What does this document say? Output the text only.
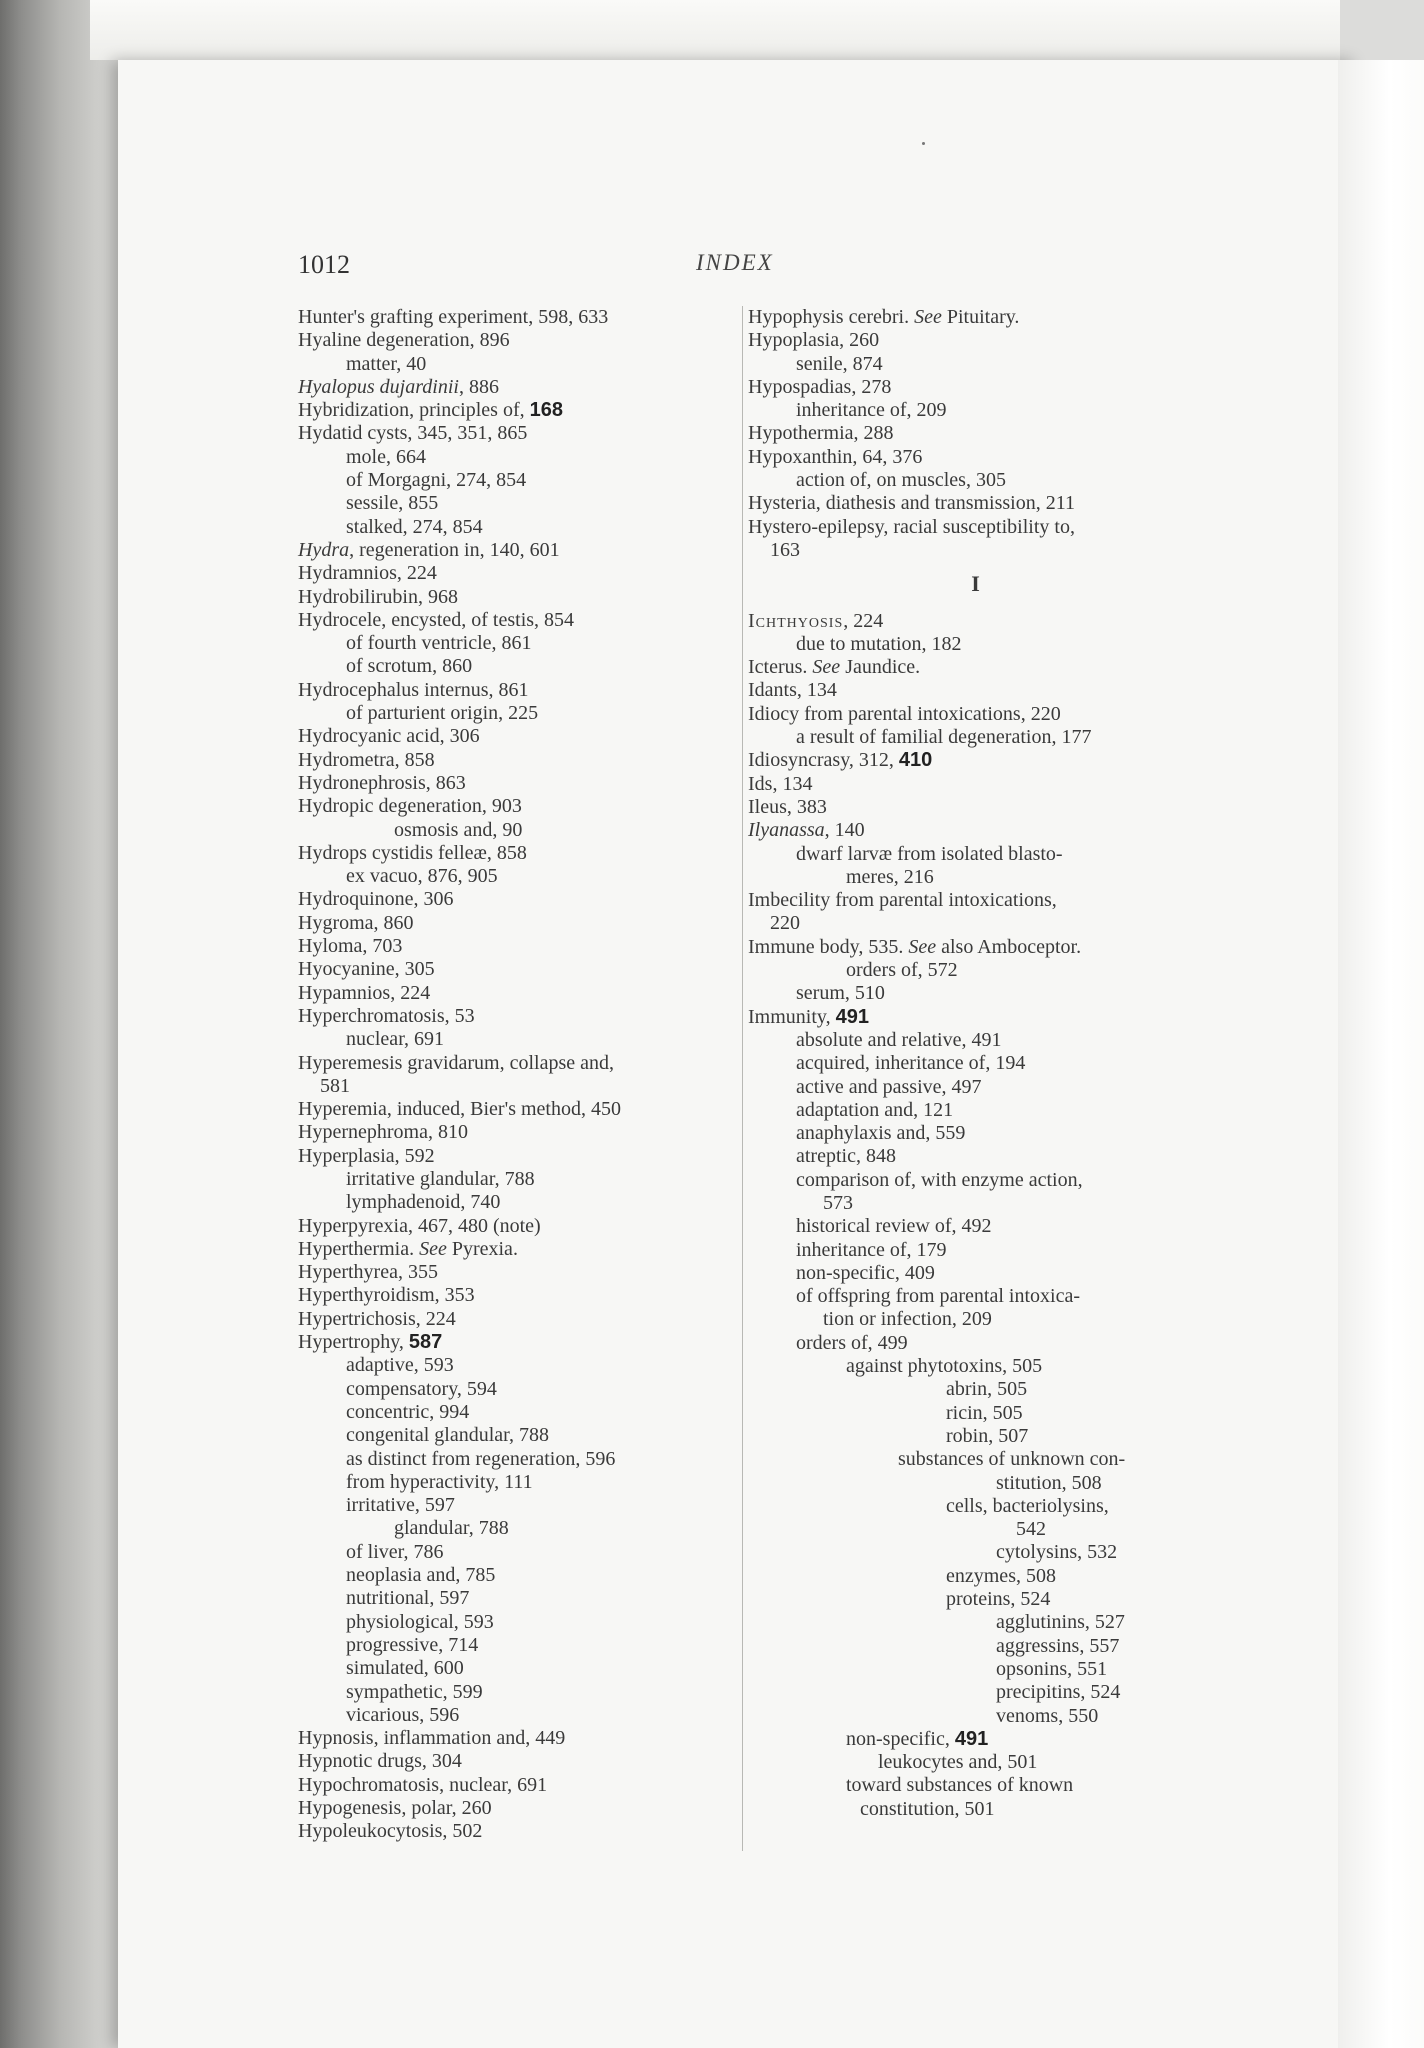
1012	INDEX
Hunter's grafting experiment, 598, 633
Hyaline degeneration, 896
matter, 40
Hyalopus dujardinii, 886
Hybridization, principles of, 168
Hydatid cysts, 345, 351, 865
mole, 664
of Morgagni, 274, 854
sessile, 855
stalked, 274, 854
Hydra, regeneration in, 140, 601
Hydramnios, 224
Hydrobilirubin, 968
Hydrocele, encysted, of testis, 854
of fourth ventricle, 861
of scrotum, 860
Hydrocephalus internus, 861
of parturient origin, 225
Hydrocyanic acid, 306
Hydrometra, 858
Hydronephrosis, 863
Hydropic degeneration, 903
osmosis and, 90
Hydrops cystidis felleæ, 858
ex vacuo, 876, 905
Hydroquinone, 306
Hygroma, 860
Hyloma, 703
Hyocyanine, 305
Hypamnios, 224
Hyperchromatosis, 53
nuclear, 691
Hyperemesis gravidarum, collapse and,
581
Hyperemia, induced, Bier's method, 450
Hypernephroma, 810
Hyperplasia, 592
irritative glandular, 788
lymphadenoid, 740
Hyperpyrexia, 467, 480 (note)
Hyperthermia. See Pyrexia.
Hyperthyrea, 355
Hyperthyroidism, 353
Hypertrichosis, 224
Hypertrophy, 587
adaptive, 593
compensatory, 594
concentric, 994
congenital glandular, 788
as distinct from regeneration, 596
from hyperactivity, 111
irritative, 597
glandular, 788
of liver, 786
neoplasia and, 785
nutritional, 597
physiological, 593
progressive, 714
simulated, 600
sympathetic, 599
vicarious, 596
Hypnosis, inflammation and, 449
Hypnotic drugs, 304
Hypochromatosis, nuclear, 691
Hypogenesis, polar, 260
Hypoleukocytosis, 502
Hypophysis cerebri. See Pituitary.
Hypoplasia, 260
senile, 874
Hypospadias, 278
inheritance of, 209
Hypothermia, 288
Hypoxanthin, 64, 376
action of, on muscles, 305
Hysteria, diathesis and transmission, 211
Hystero-epilepsy, racial susceptibility to,
163
I
Ichthyosis, 224
due to mutation, 182
Icterus. See Jaundice.
Idants, 134
Idiocy from parental intoxications, 220
a result of familial degeneration, 177
Idiosyncrasy, 312, 410
Ids, 134
Ileus, 383
Ilyanassa, 140
dwarf larvæ from isolated blasto-
meres, 216
Imbecility from parental intoxications,
220
Immune body, 535. See also Amboceptor.
orders of, 572
serum, 510
Immunity, 491
absolute and relative, 491
acquired, inheritance of, 194
active and passive, 497
adaptation and, 121
anaphylaxis and, 559
atreptic, 848
comparison of, with enzyme action,
573
historical review of, 492
inheritance of, 179
non-specific, 409
of offspring from parental intoxica-
tion or infection, 209
orders of, 499
against phytotoxins, 505
abrin, 505
ricin, 505
robin, 507
substances of unknown con-
stitution, 508
cells, bacteriolysins,
542
cytolysins, 532
enzymes, 508
proteins, 524
agglutinins, 527
aggressins, 557
opsonins, 551
precipitins, 524
venoms, 550
non-specific, 491
leukocytes and, 501
toward substances of known
constitution, 501
